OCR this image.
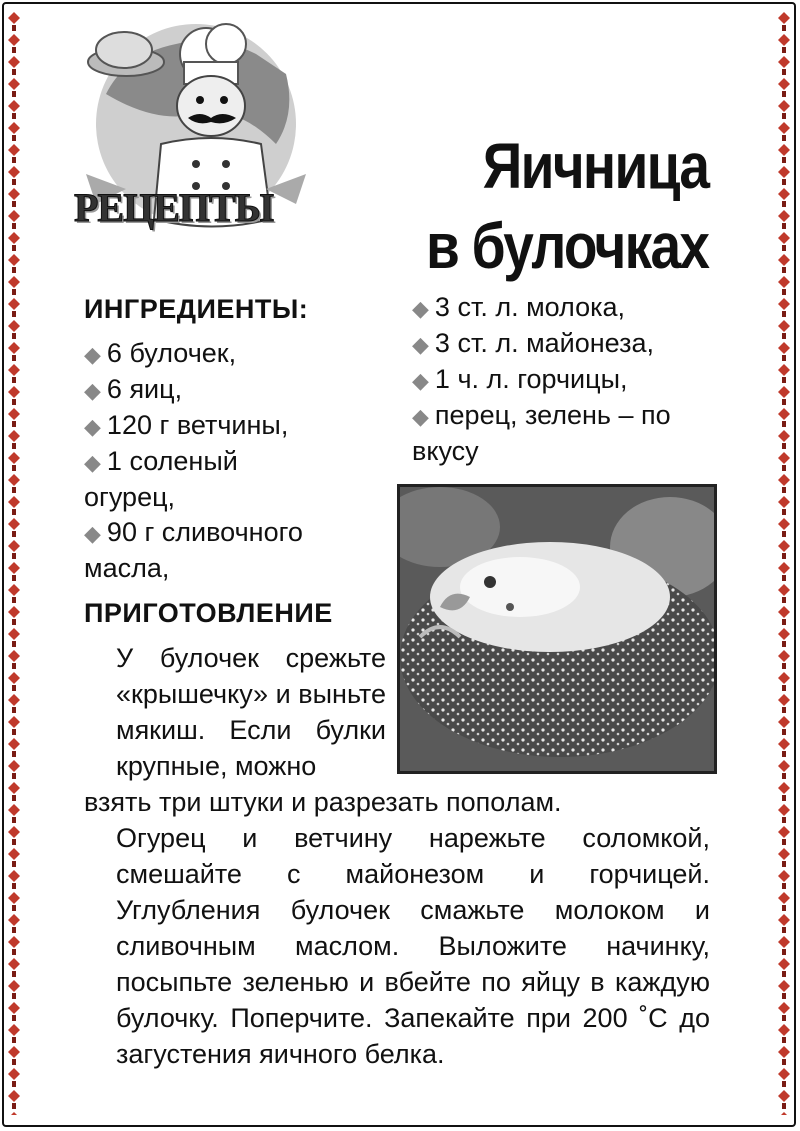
РЕЦЕПТЫ
Яичница
в булочках
ИНГРЕДИЕНТЫ:
◆ 6 булочек,
◆ 6 яиц,
◆ 120 г ветчины,
◆ 1 соленый огурец,
◆ 90 г сливочного масла,
◆ 3 ст. л. молока,
◆ 3 ст. л. майонеза,
◆ 1 ч. л. горчицы,
◆ перец, зелень – по вкусу
ПРИГОТОВЛЕНИЕ

У булочек срежьте «крышечку» и выньте мякиш. Если булки крупные, можно

взять три штуки и разрезать пополам.

Огурец и ветчину нарежьте соломкой, смешайте с майонезом и горчицей. Углубления булочек смажьте молоком и сливочным маслом. Выложите начинку, посыпьте зеленью и вбейте по яйцу в каждую булочку. Поперчите. Запекайте при 200 ˚С до загустения яичного белка.
